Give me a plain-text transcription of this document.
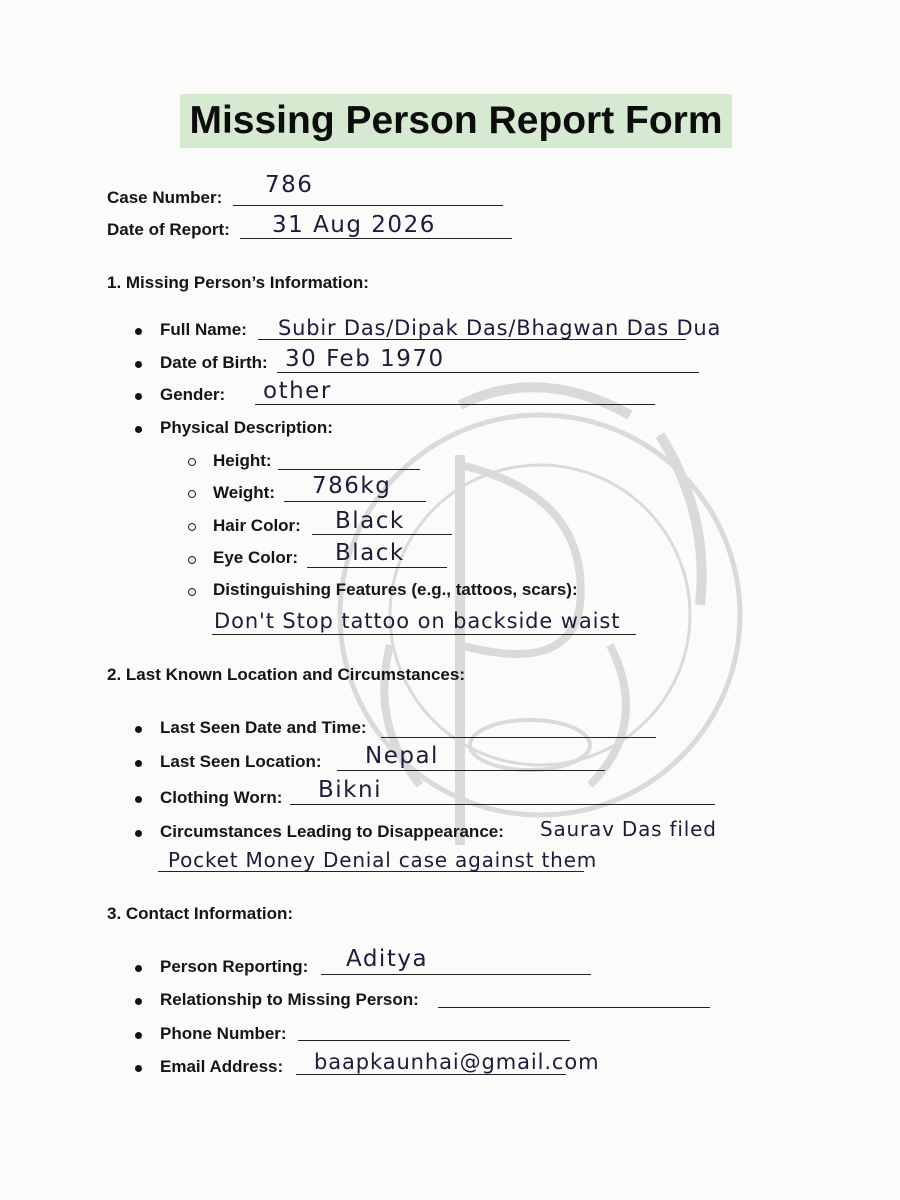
Missing Person Report Form
Case Number: 786
Date of Report: 31 Aug 2026
1. Missing Person’s Information:
Full Name: Subir Das/Dipak Das/Bhagwan Das Dua
Date of Birth: 30 Feb 1970
Gender: other
Physical Description:
Height:
Weight: 786kg
Hair Color: Black
Eye Color: Black
Distinguishing Features (e.g., tattoos, scars):
Don't Stop tattoo on backside waist
2. Last Known Location and Circumstances:
Last Seen Date and Time:
Last Seen Location: Nepal
Clothing Worn: Bikni
Circumstances Leading to Disappearance: Saurav Das filed
Pocket Money Denial case against them
3. Contact Information:
Person Reporting: Aditya
Relationship to Missing Person:
Phone Number:
Email Address: baapkaunhai@gmail.com
